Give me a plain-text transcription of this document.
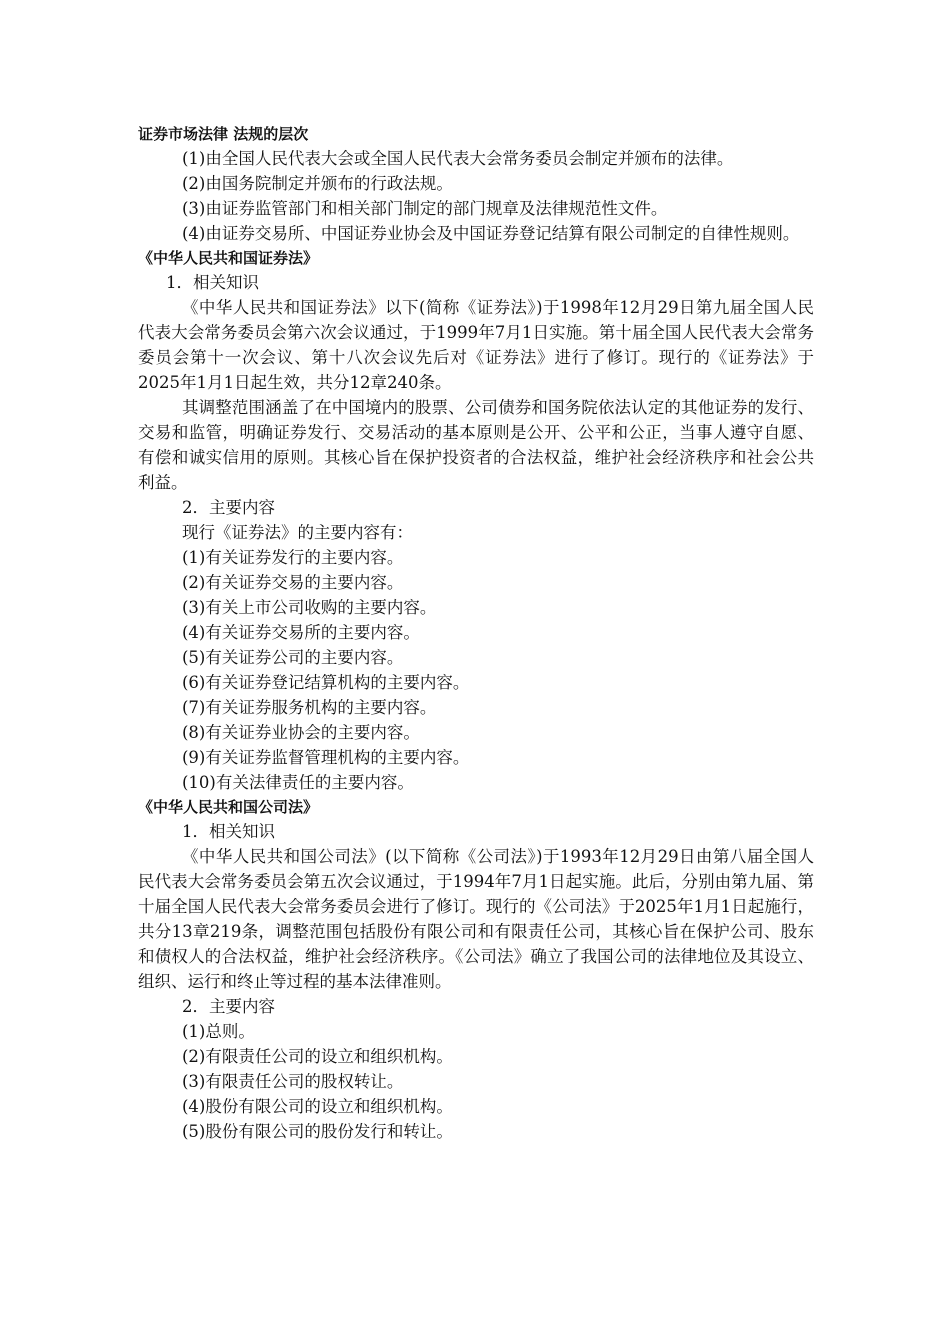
证券市场法律 法规的层次

(1)由全国人民代表大会或全国人民代表大会常务委员会制定并颁布的法律。

(2)由国务院制定并颁布的行政法规。

(3)由证券监管部门和相关部门制定的部门规章及法律规范性文件。

(4)由证券交易所、中国证券业协会及中国证券登记结算有限公司制定的自律性规则。

《中华人民共和国证券法》

1．相关知识

《中华人民共和国证券法》以下(简称《证券法》)于1998年12月29日第九届全国人民代表大会常务委员会第六次会议通过，于1999年7月1日实施。第十届全国人民代表大会常务委员会第十一次会议、第十八次会议先后对《证券法》进行了修订。现行的《证券法》于2025年1月1日起生效，共分12章240条。

其调整范围涵盖了在中国境内的股票、公司债券和国务院依法认定的其他证券的发行、交易和监管，明确证券发行、交易活动的基本原则是公开、公平和公正，当事人遵守自愿、有偿和诚实信用的原则。其核心旨在保护投资者的合法权益，维护社会经济秩序和社会公共利益。

2．主要内容

现行《证券法》的主要内容有：

(1)有关证券发行的主要内容。

(2)有关证券交易的主要内容。

(3)有关上市公司收购的主要内容。

(4)有关证券交易所的主要内容。

(5)有关证券公司的主要内容。

(6)有关证券登记结算机构的主要内容。

(7)有关证券服务机构的主要内容。

(8)有关证券业协会的主要内容。

(9)有关证券监督管理机构的主要内容。

(10)有关法律责任的主要内容。

《中华人民共和国公司法》

1．相关知识

《中华人民共和国公司法》(以下简称《公司法》)于1993年12月29日由第八届全国人民代表大会常务委员会第五次会议通过，于1994年7月1日起实施。此后，分别由第九届、第十届全国人民代表大会常务委员会进行了修订。现行的《公司法》于2025年1月1日起施行，共分13章219条，调整范围包括股份有限公司和有限责任公司，其核心旨在保护公司、股东和债权人的合法权益，维护社会经济秩序。《公司法》确立了我国公司的法律地位及其设立、组织、运行和终止等过程的基本法律准则。

2．主要内容

(1)总则。

(2)有限责任公司的设立和组织机构。

(3)有限责任公司的股权转让。

(4)股份有限公司的设立和组织机构。

(5)股份有限公司的股份发行和转让。
